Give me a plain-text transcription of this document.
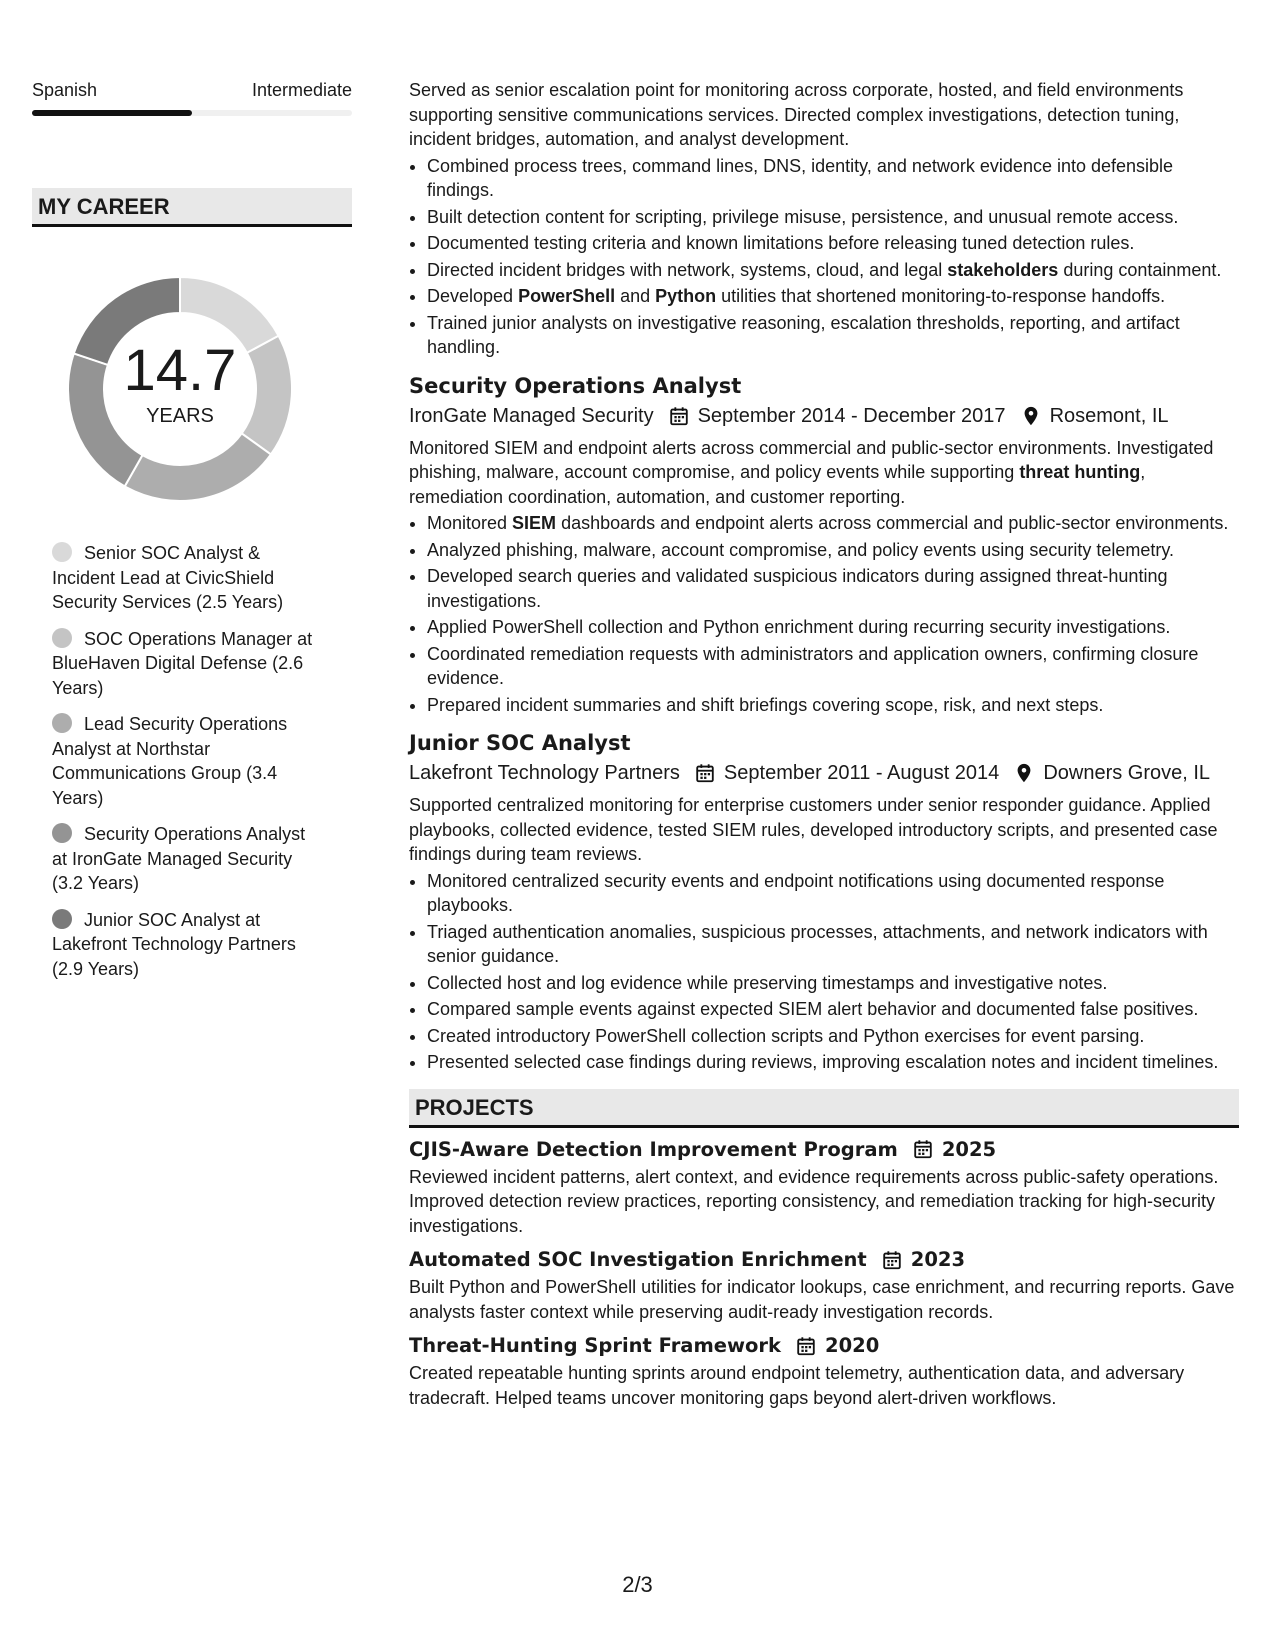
Spanish	Intermediate
MY CAREER
14.7
YEARS
Senior SOC Analyst & Incident Lead at CivicShield Security Services (2.5 Years)
SOC Operations Manager at BlueHaven Digital Defense (2.6 Years)
Lead Security Operations Analyst at Northstar Communications Group (3.4 Years)
Security Operations Analyst at IronGate Managed Security (3.2 Years)
Junior SOC Analyst at Lakefront Technology Partners (2.9 Years)

Served as senior escalation point for monitoring across corporate, hosted, and field environments supporting sensitive communications services. Directed complex investigations, detection tuning, incident bridges, automation, and analyst development.

• Combined process trees, command lines, DNS, identity, and network evidence into defensible findings.
• Built detection content for scripting, privilege misuse, persistence, and unusual remote access.
• Documented testing criteria and known limitations before releasing tuned detection rules.
• Directed incident bridges with network, systems, cloud, and legal stakeholders during containment.
• Developed PowerShell and Python utilities that shortened monitoring-to-response handoffs.
• Trained junior analysts on investigative reasoning, escalation thresholds, reporting, and artifact handling.
Security Operations Analyst
IronGate Managed Security September 2014 - December 2017 Rosemont, IL

Monitored SIEM and endpoint alerts across commercial and public-sector environments. Investigated phishing, malware, account compromise, and policy events while supporting threat hunting, remediation coordination, automation, and customer reporting.

• Monitored SIEM dashboards and endpoint alerts across commercial and public-sector environments.
• Analyzed phishing, malware, account compromise, and policy events using security telemetry.
• Developed search queries and validated suspicious indicators during assigned threat-hunting investigations.
• Applied PowerShell collection and Python enrichment during recurring security investigations.
• Coordinated remediation requests with administrators and application owners, confirming closure evidence.
• Prepared incident summaries and shift briefings covering scope, risk, and next steps.
Junior SOC Analyst
Lakefront Technology Partners September 2011 - August 2014 Downers Grove, IL

Supported centralized monitoring for enterprise customers under senior responder guidance. Applied playbooks, collected evidence, tested SIEM rules, developed introductory scripts, and presented case findings during team reviews.

• Monitored centralized security events and endpoint notifications using documented response playbooks.
• Triaged authentication anomalies, suspicious processes, attachments, and network indicators with senior guidance.
• Collected host and log evidence while preserving timestamps and investigative notes.
• Compared sample events against expected SIEM alert behavior and documented false positives.
• Created introductory PowerShell collection scripts and Python exercises for event parsing.
• Presented selected case findings during reviews, improving escalation notes and incident timelines.
PROJECTS
CJIS-Aware Detection Improvement Program 2025

Reviewed incident patterns, alert context, and evidence requirements across public-safety operations. Improved detection review practices, reporting consistency, and remediation tracking for high-security investigations.

Automated SOC Investigation Enrichment 2023

Built Python and PowerShell utilities for indicator lookups, case enrichment, and recurring reports. Gave analysts faster context while preserving audit-ready investigation records.

Threat-Hunting Sprint Framework 2020

Created repeatable hunting sprints around endpoint telemetry, authentication data, and adversary tradecraft. Helped teams uncover monitoring gaps beyond alert-driven workflows.

2/3
